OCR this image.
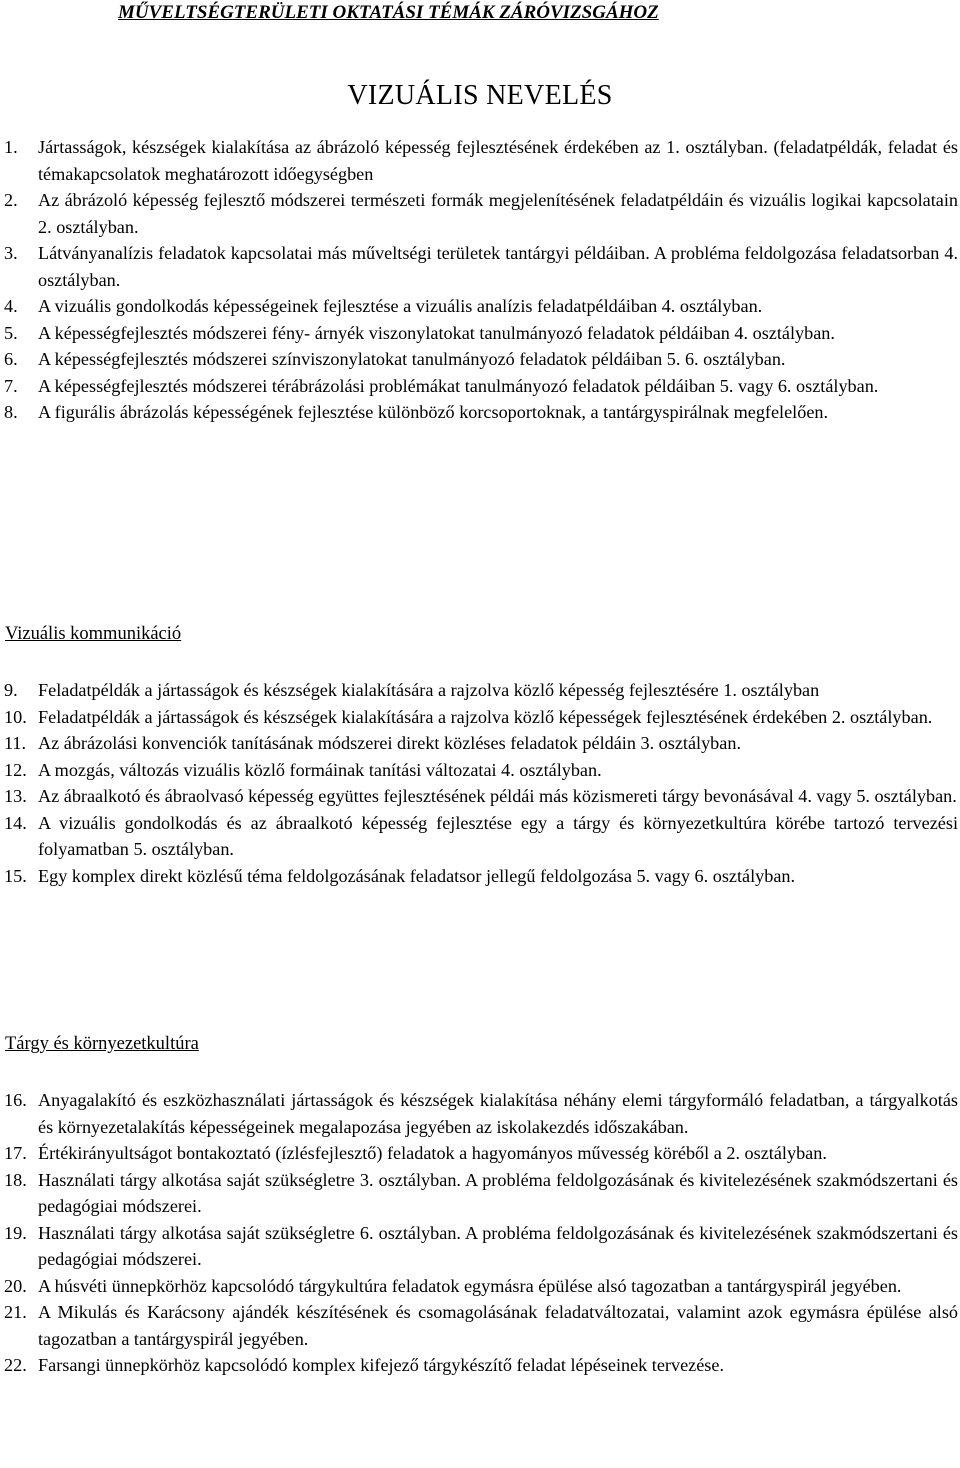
MŰVELTSÉGTERÜLETI OKTATÁSI TÉMÁK ZÁRÓVIZSGÁHOZ
VIZUÁLIS NEVELÉS
1.	Jártasságok, készségek kialakítása az ábrázoló képesség fejlesztésének érdekében az 1. osztályban. (feladatpéldák, feladat és témakapcsolatok meghatározott időegységben
2.	Az ábrázoló képesség fejlesztő módszerei természeti formák megjelenítésének feladatpéldáin és vizuális logikai kapcsolatain 2. osztályban.
3.	Látványanalízis feladatok kapcsolatai más műveltségi területek tantárgyi példáiban. A probléma feldolgozása feladatsorban 4. osztályban.
4.	A vizuális gondolkodás képességeinek fejlesztése a vizuális analízis feladatpéldáiban 4. osztályban.
5.	A képességfejlesztés módszerei fény- árnyék viszonylatokat tanulmányozó feladatok példáiban 4. osztályban.
6.	A képességfejlesztés módszerei színviszonylatokat tanulmányozó feladatok példáiban 5. 6. osztályban.
7.	A képességfejlesztés módszerei térábrázolási problémákat tanulmányozó feladatok példáiban 5. vagy 6. osztályban.
8.	A figurális ábrázolás képességének fejlesztése különböző korcsoportoknak, a tantárgyspirálnak megfelelően.
Vizuális kommunikáció
9.	Feladatpéldák a jártasságok és készségek kialakítására a rajzolva közlő képesség fejlesztésére 1. osztályban
10. Feladatpéldák a jártasságok és készségek kialakítására a rajzolva közlő képességek fejlesztésének érdekében 2. osztályban.
11. Az ábrázolási konvenciók tanításának módszerei direkt közléses feladatok példáin 3. osztályban.
12. A mozgás, változás vizuális közlő formáinak tanítási változatai 4. osztályban.
13. Az ábraalkotó és ábraolvasó képesség együttes fejlesztésének példái más közismereti tárgy bevonásával 4. vagy 5. osztályban.
14. A vizuális gondolkodás és az ábraalkotó képesség fejlesztése egy a tárgy és környezetkultúra körébe tartozó tervezési folyamatban 5. osztályban.
15. Egy komplex direkt közlésű téma feldolgozásának feladatsor jellegű feldolgozása 5. vagy 6. osztályban.
Tárgy és környezetkultúra
16. Anyagalakító és eszközhasználati jártasságok és készségek kialakítása néhány elemi tárgyformáló feladatban, a tárgyalkotás és környezetalakítás képességeinek megalapozása jegyében az iskolakezdés időszakában.
17. Értékirányultságot bontakoztató (ízlésfejlesztő) feladatok a hagyományos művesség köréből a 2. osztályban.
18. Használati tárgy alkotása saját szükségletre 3. osztályban. A probléma feldolgozásának és kivitelezésének szakmódszertani és pedagógiai módszerei.
19. Használati tárgy alkotása saját szükségletre 6. osztályban. A probléma feldolgozásának és kivitelezésének szakmódszertani és pedagógiai módszerei.
20. A húsvéti ünnepkörhöz kapcsolódó tárgykultúra feladatok egymásra épülése alsó tagozatban a tantárgyspirál jegyében.
21. A Mikulás és Karácsony ajándék készítésének és csomagolásának feladatváltozatai, valamint azok egymásra épülése alsó tagozatban a tantárgyspirál jegyében.
22. Farsangi ünnepkörhöz kapcsolódó komplex kifejező tárgykészítő feladat lépéseinek tervezése.
